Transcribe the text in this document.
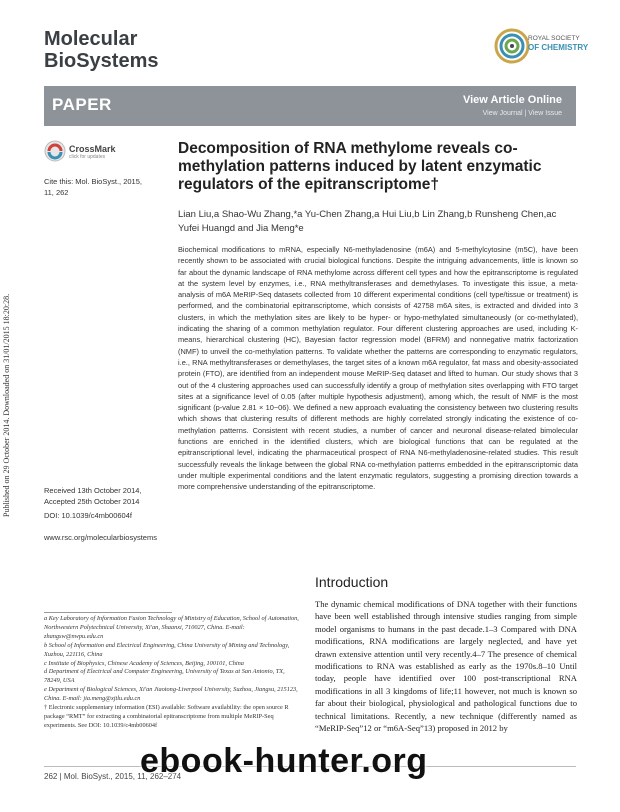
Published on 29 October 2014. Downloaded on 31/01/2015 18:20:28.
Molecular
BioSystems
ROYAL SOCIETY
OF CHEMISTRY
PAPER	View Article Online
View Journal | View Issue
CrossMark
click for updates
Cite this: Mol. BioSyst., 2015,
11, 262
Decomposition of RNA methylome reveals co-methylation patterns induced by latent enzymatic regulators of the epitranscriptome†
Lian Liu,a Shao-Wu Zhang,*a Yu-Chen Zhang,a Hui Liu,b Lin Zhang,b Runsheng Chen,ac Yufei Huangd and Jia Meng*e
Biochemical modifications to mRNA, especially N6-methyladenosine (m6A) and 5-methylcytosine (m5C), have been recently shown to be associated with crucial biological functions. Despite the intriguing advancements, little is known so far about the dynamic landscape of RNA methylome across different cell types and how the epitranscriptome is regulated at the system level by enzymes, i.e., RNA methyltransferases and demethylases. To investigate this issue, a meta-analysis of m6A MeRIP-Seq datasets collected from 10 different experimental conditions (cell type/tissue or treatment) is performed, and the combinatorial epitranscriptome, which consists of 42758 m6A sites, is extracted and divided into 3 clusters, in which the methylation sites are likely to be hyper- or hypo-methylated simultaneously (or co-methylated), indicating the sharing of a common methylation regulator. Four different clustering approaches are used, including K-means, hierarchical clustering (HC), Bayesian factor regression model (BFRM) and nonnegative matrix factorization (NMF) to unveil the co-methylation patterns. To validate whether the patterns are corresponding to enzymatic regulators, i.e., RNA methyltransferases or demethylases, the target sites of a known m6A regulator, fat mass and obesity-associated protein (FTO), are identified from an independent mouse MeRIP-Seq dataset and lifted to human. Our study shows that 3 out of the 4 clustering approaches used can successfully identify a group of methylation sites overlapping with FTO target sites at a significance level of 0.05 (after multiple hypothesis adjustment), among which, the result of NMF is the most significant (p-value 2.81 × 10−06). We defined a new approach evaluating the consistency between two clustering results which shows that clustering results of different methods are highly correlated strongly indicating the existence of co-methylation patterns. Consistent with recent studies, a number of cancer and neuronal disease-related bimolecular functions are enriched in the identified clusters, which are biological functions that can be regulated at the epitranscriptional level, indicating the pharmaceutical prospect of RNA N6-methyladenosine-related studies. This result successfully reveals the linkage between the global RNA co-methylation patterns embedded in the epitranscriptomic data under multiple experimental conditions and the latent enzymatic regulators, suggesting a promising direction towards a more comprehensive understanding of the epitranscriptome.
Received 13th October 2014,
Accepted 25th October 2014
DOI: 10.1039/c4mb00604f
www.rsc.org/molecularbiosystems
Introduction
The dynamic chemical modifications of DNA together with their functions have been well established through intensive studies ranging from simple model organisms to humans in the past decade.1–3 Compared with DNA modifications, RNA modifications are largely neglected, and have yet drawn extensive attention until very recently.4–7 The presence of chemical modifications to RNA was established as early as the 1970s.8–10 Until today, people have identified over 100 post-transcriptional RNA modifications in all 3 kingdoms of life;11 however, not much is known so far about their biological, physiological and pathological functions due to technical limitations. Recently, a new technique (differently named as “MeRIP-Seq”12 or “m6A-Seq”13) proposed in 2012 by
a Key Laboratory of Information Fusion Technology of Ministry of Education, School of Automation, Northwestern Polytechnical University, Xi'an, Shaanxi, 710027, China. E-mail: zhangsw@nwpu.edu.cn
b School of Information and Electrical Engineering, China University of Mining and Technology, Xuzhou, 221116, China
c Institute of Biophysics, Chinese Academy of Sciences, Beijing, 100101, China
d Department of Electrical and Computer Engineering, University of Texas at San Antonio, TX, 78249, USA
e Department of Biological Sciences, Xi'an Jiaotong-Liverpool University, Suzhou, Jiangsu, 215123, China. E-mail: jia.meng@xjtlu.edu.cn
† Electronic supplementary information (ESI) available: Software availability: the open source R package “RMT” for extracting a combinatorial epitranscriptome from multiple MeRIP-Seq experiments. See DOI: 10.1039/c4mb00604f
262 | Mol. BioSyst., 2015, 11, 262–274
ebook-hunter.org
